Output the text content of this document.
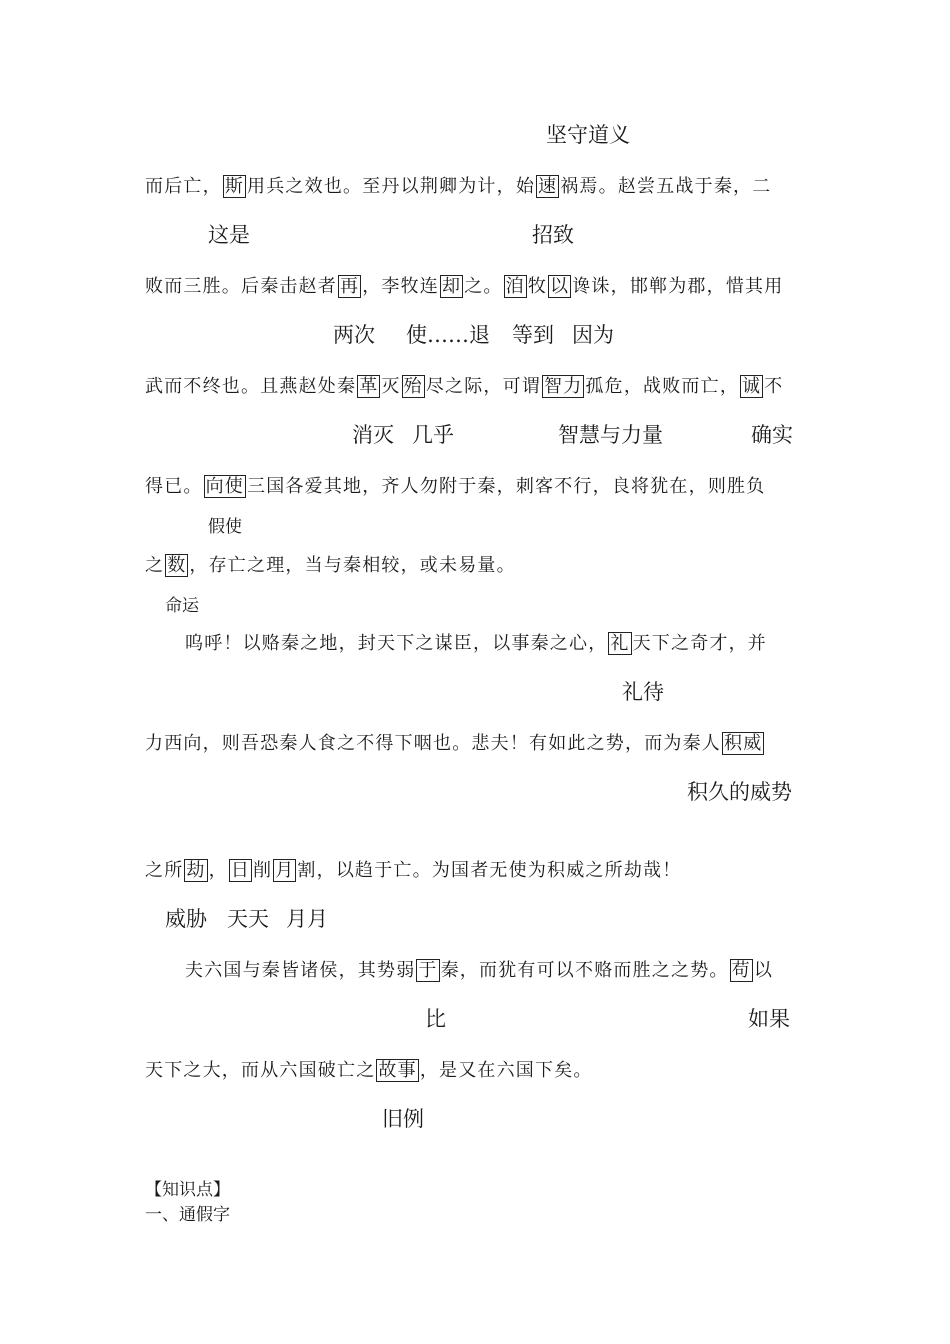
坚守道义
而后亡， 斯 用兵之效也。至丹以荆卿为计，始 速 祸焉。赵尝五战于秦，二
这是	招致
败而三胜。后秦击赵者 再 ，李牧连 却 之。 洎 牧 以 谗诛，邯郸为郡，惜其用
两次 使……退 等到 因为
武而不终也。且燕赵处秦 革 灭 殆 尽之际，可谓 智力 孤危，战败而亡， 诚 不
消灭 几乎	智慧与力量	确实
得已。 向使 三国各爱其地，齐人勿附于秦，刺客不行，良将犹在，则胜负
假使
之 数 ，存亡之理，当与秦相较，或未易量。
命运
呜呼！以赂秦之地，封天下之谋臣，以事秦之心， 礼 天下之奇才，并
礼待
力西向，则吾恐秦人食之不得下咽也。悲夫！有如此之势，而为秦人 积威
积久的威势
之所 劫 ， 日 削 月 割，以趋于亡。为国者无使为积威之所劫哉！
威胁 天天 月月
夫六国与秦皆诸侯，其势弱 于 秦，而犹有可以不赂而胜之之势。 苟 以
比	如果
天下之大，而从六国破亡之 故事 ，是又在六国下矣。
旧例
【知识点】
一、通假字
